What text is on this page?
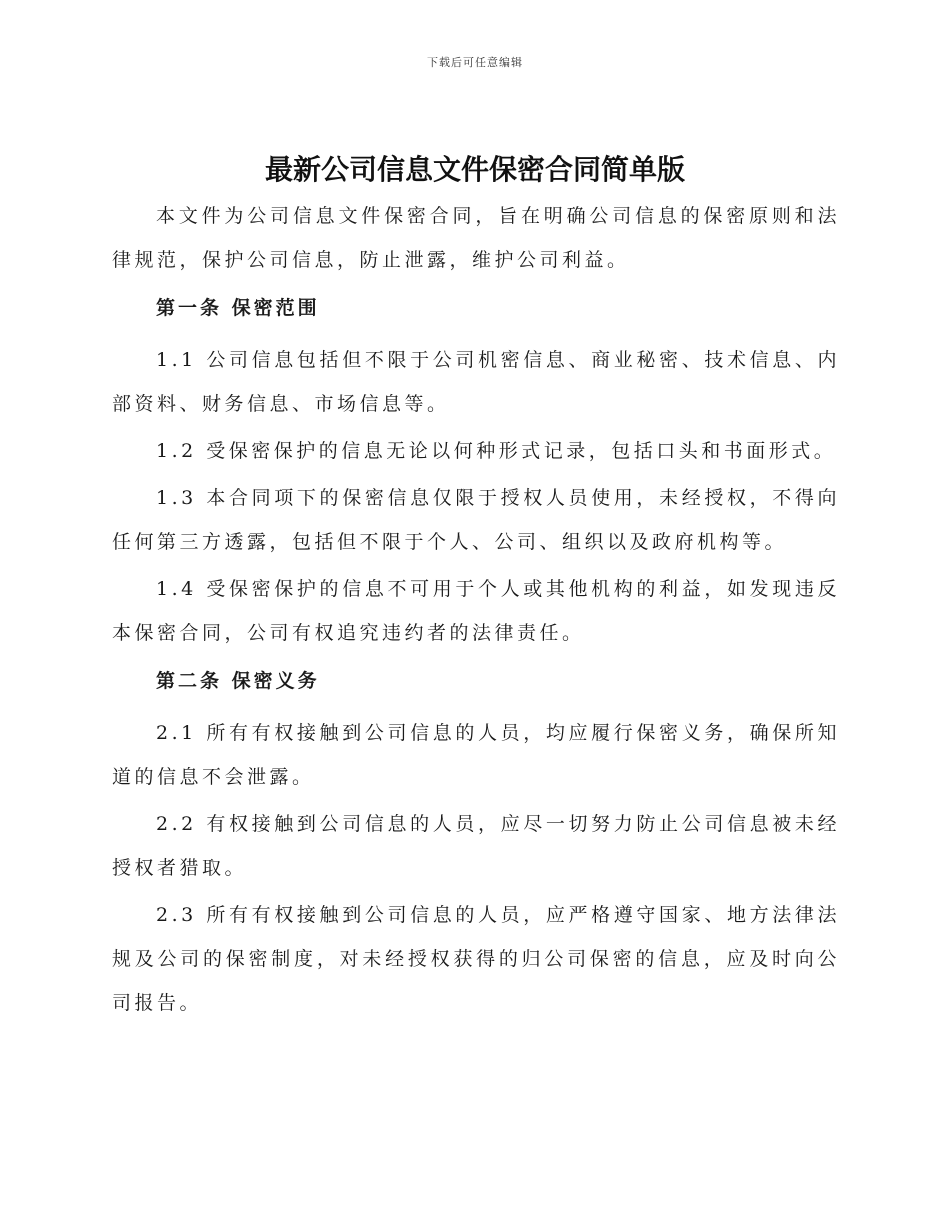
下载后可任意编辑
最新公司信息文件保密合同简单版

本文件为公司信息文件保密合同，旨在明确公司信息的保密原则和法律规范，保护公司信息，防止泄露，维护公司利益。

第一条 保密范围

1.1 公司信息包括但不限于公司机密信息、商业秘密、技术信息、内部资料、财务信息、市场信息等。

1.2 受保密保护的信息无论以何种形式记录，包括口头和书面形式。

1.3 本合同项下的保密信息仅限于授权人员使用，未经授权，不得向任何第三方透露，包括但不限于个人、公司、组织以及政府机构等。

1.4 受保密保护的信息不可用于个人或其他机构的利益，如发现违反本保密合同，公司有权追究违约者的法律责任。

第二条 保密义务

2.1 所有有权接触到公司信息的人员，均应履行保密义务，确保所知道的信息不会泄露。

2.2 有权接触到公司信息的人员，应尽一切努力防止公司信息被未经授权者猎取。

2.3 所有有权接触到公司信息的人员，应严格遵守国家、地方法律法规及公司的保密制度，对未经授权获得的归公司保密的信息，应及时向公司报告。
